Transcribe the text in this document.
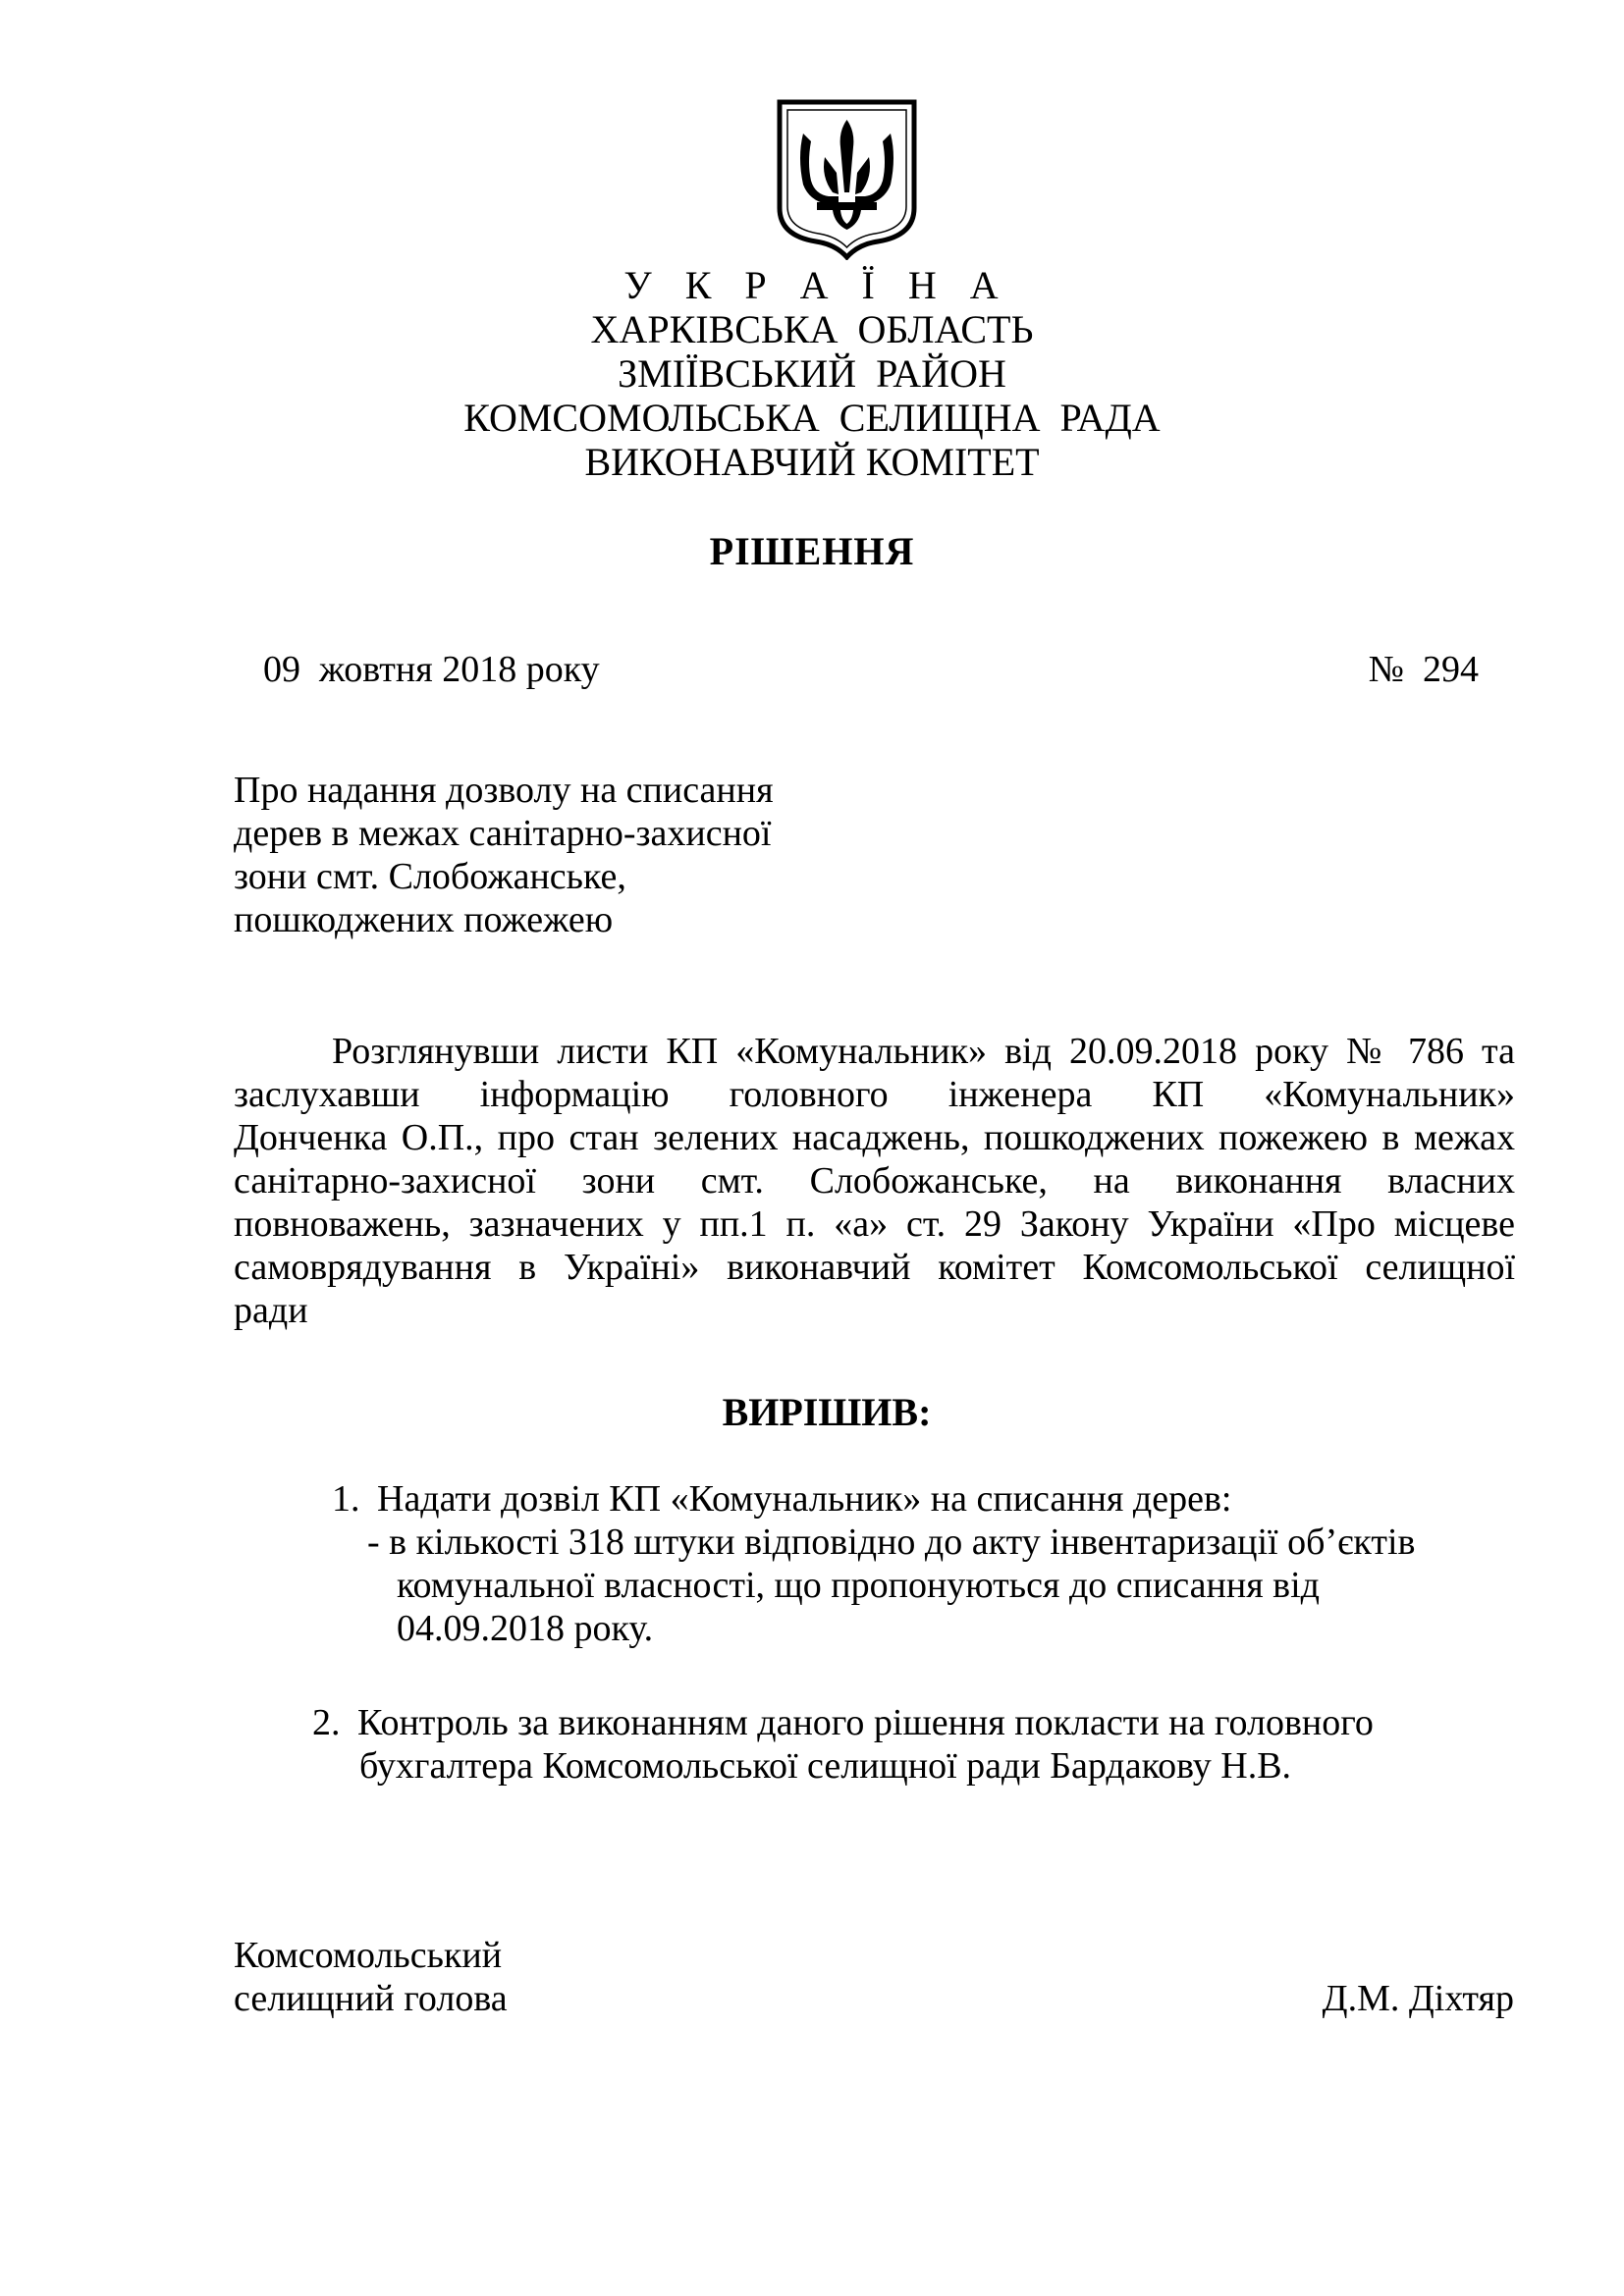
У К Р А Ї Н А
ХАРКІВСЬКА  ОБЛАСТЬ
ЗМІЇВСЬКИЙ  РАЙОН
КОМСОМОЛЬСЬКА  СЕЛИЩНА  РАДА
ВИКОНАВЧИЙ КОМІТЕТ
РІШЕННЯ
09  жовтня 2018 року	№  294
Про надання дозволу на списання
дерев в межах санітарно-захисної
зони смт. Слобожанське,
пошкоджених пожежею
Розглянувши листи КП «Комунальник» від 20.09.2018 року № 786 та
заслухавши інформацію головного інженера КП «Комунальник»
Донченка О.П., про стан зелених насаджень, пошкоджених пожежею в межах
санітарно-захисної зони смт. Слобожанське, на виконання власних
повноважень, зазначених у пп.1 п. «а» ст. 29 Закону України «Про місцеве
самоврядування в Україні» виконавчий комітет Комсомольської селищної
ради
ВИРІШИВ:
1. Надати дозвіл КП «Комунальник» на списання дерев:
- в кількості 318 штуки відповідно до акту інвентаризації об’єктів
комунальної власності, що пропонуються до списання від
04.09.2018 року.
2. Контроль за виконанням даного рішення покласти на головного
бухгалтера Комсомольської селищної ради Бардакову Н.В.
Комсомольський
селищний голова	Д.М. Діхтяр
